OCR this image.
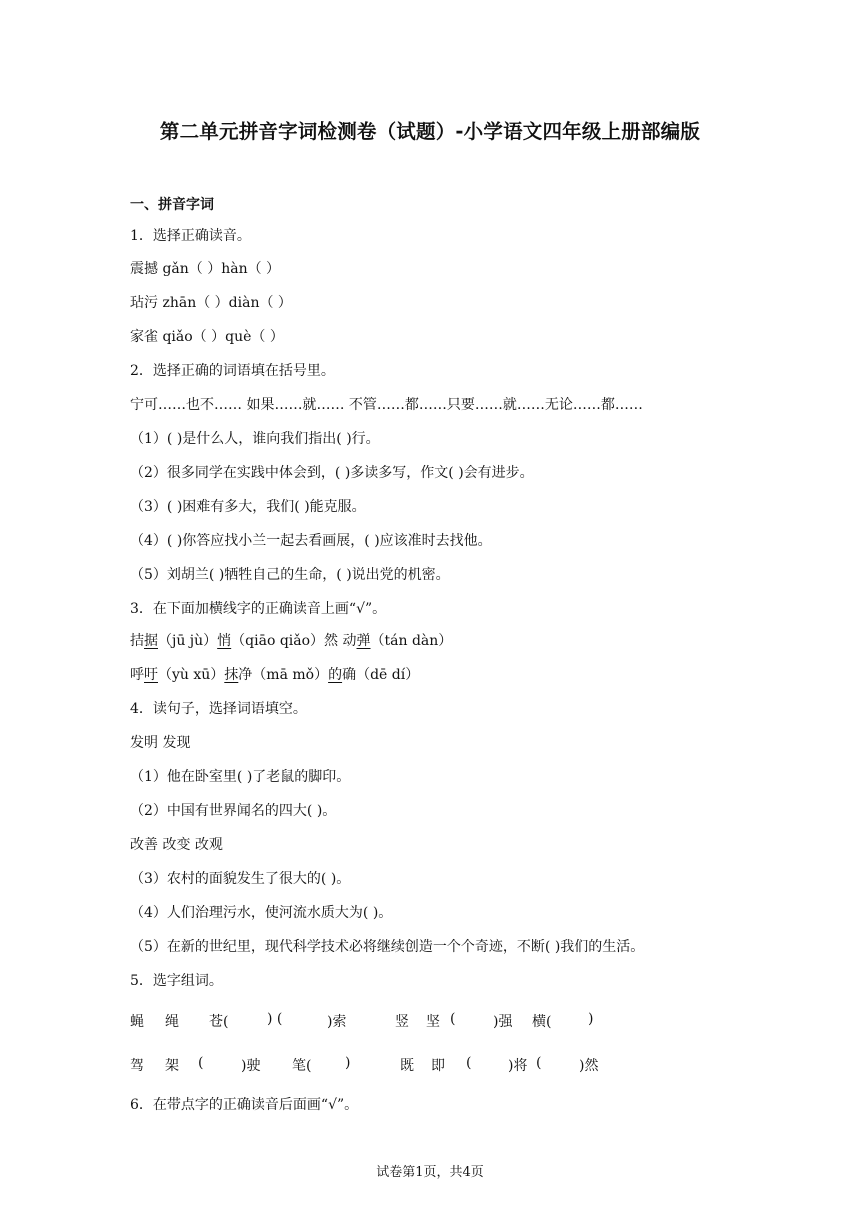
第二单元拼音字词检测卷（试题）-小学语文四年级上册部编版
一、拼音字词
1．选择正确读音。
震撼 gǎn（ ）hàn（ ）
玷污 zhān（ ）diàn（ ）
家雀 qiǎo（ ）què（ ）
2．选择正确的词语填在括号里。
宁可……也不…… 如果……就…… 不管……都……只要……就……无论……都……
（1）( )是什么人，谁向我们指出( )行。
（2）很多同学在实践中体会到，( )多读多写，作文( )会有进步。
（3）( )困难有多大，我们( )能克服。
（4）( )你答应找小兰一起去看画展，( )应该准时去找他。
（5）刘胡兰( )牺牲自己的生命，( )说出党的机密。
3．在下面加横线字的正确读音上画“√”。
拮据（jū jù）悄（qiāo qiǎo）然 动弹（tán dàn）
呼吁（yù xū）抹净（mā mǒ）的确（dē dí）
4．读句子，选择词语填空。
发明 发现
（1）他在卧室里( )了老鼠的脚印。
（2）中国有世界闻名的四大( )。
改善 改变 改观
（3）农村的面貌发生了很大的( )。
（4）人们治理污水，使河流水质大为( )。
（5）在新的世纪里，现代科学技术必将继续创造一个个奇迹，不断( )我们的生活。
5．选字组词。
蝇 绳 苍(	) (	)索	竖 坚 (	)强 横(	)
驾 架 (	)驶 笔( )	既 即 (	)将 (	)然
6．在带点字的正确读音后面画“√”。
试卷第1页，共4页
